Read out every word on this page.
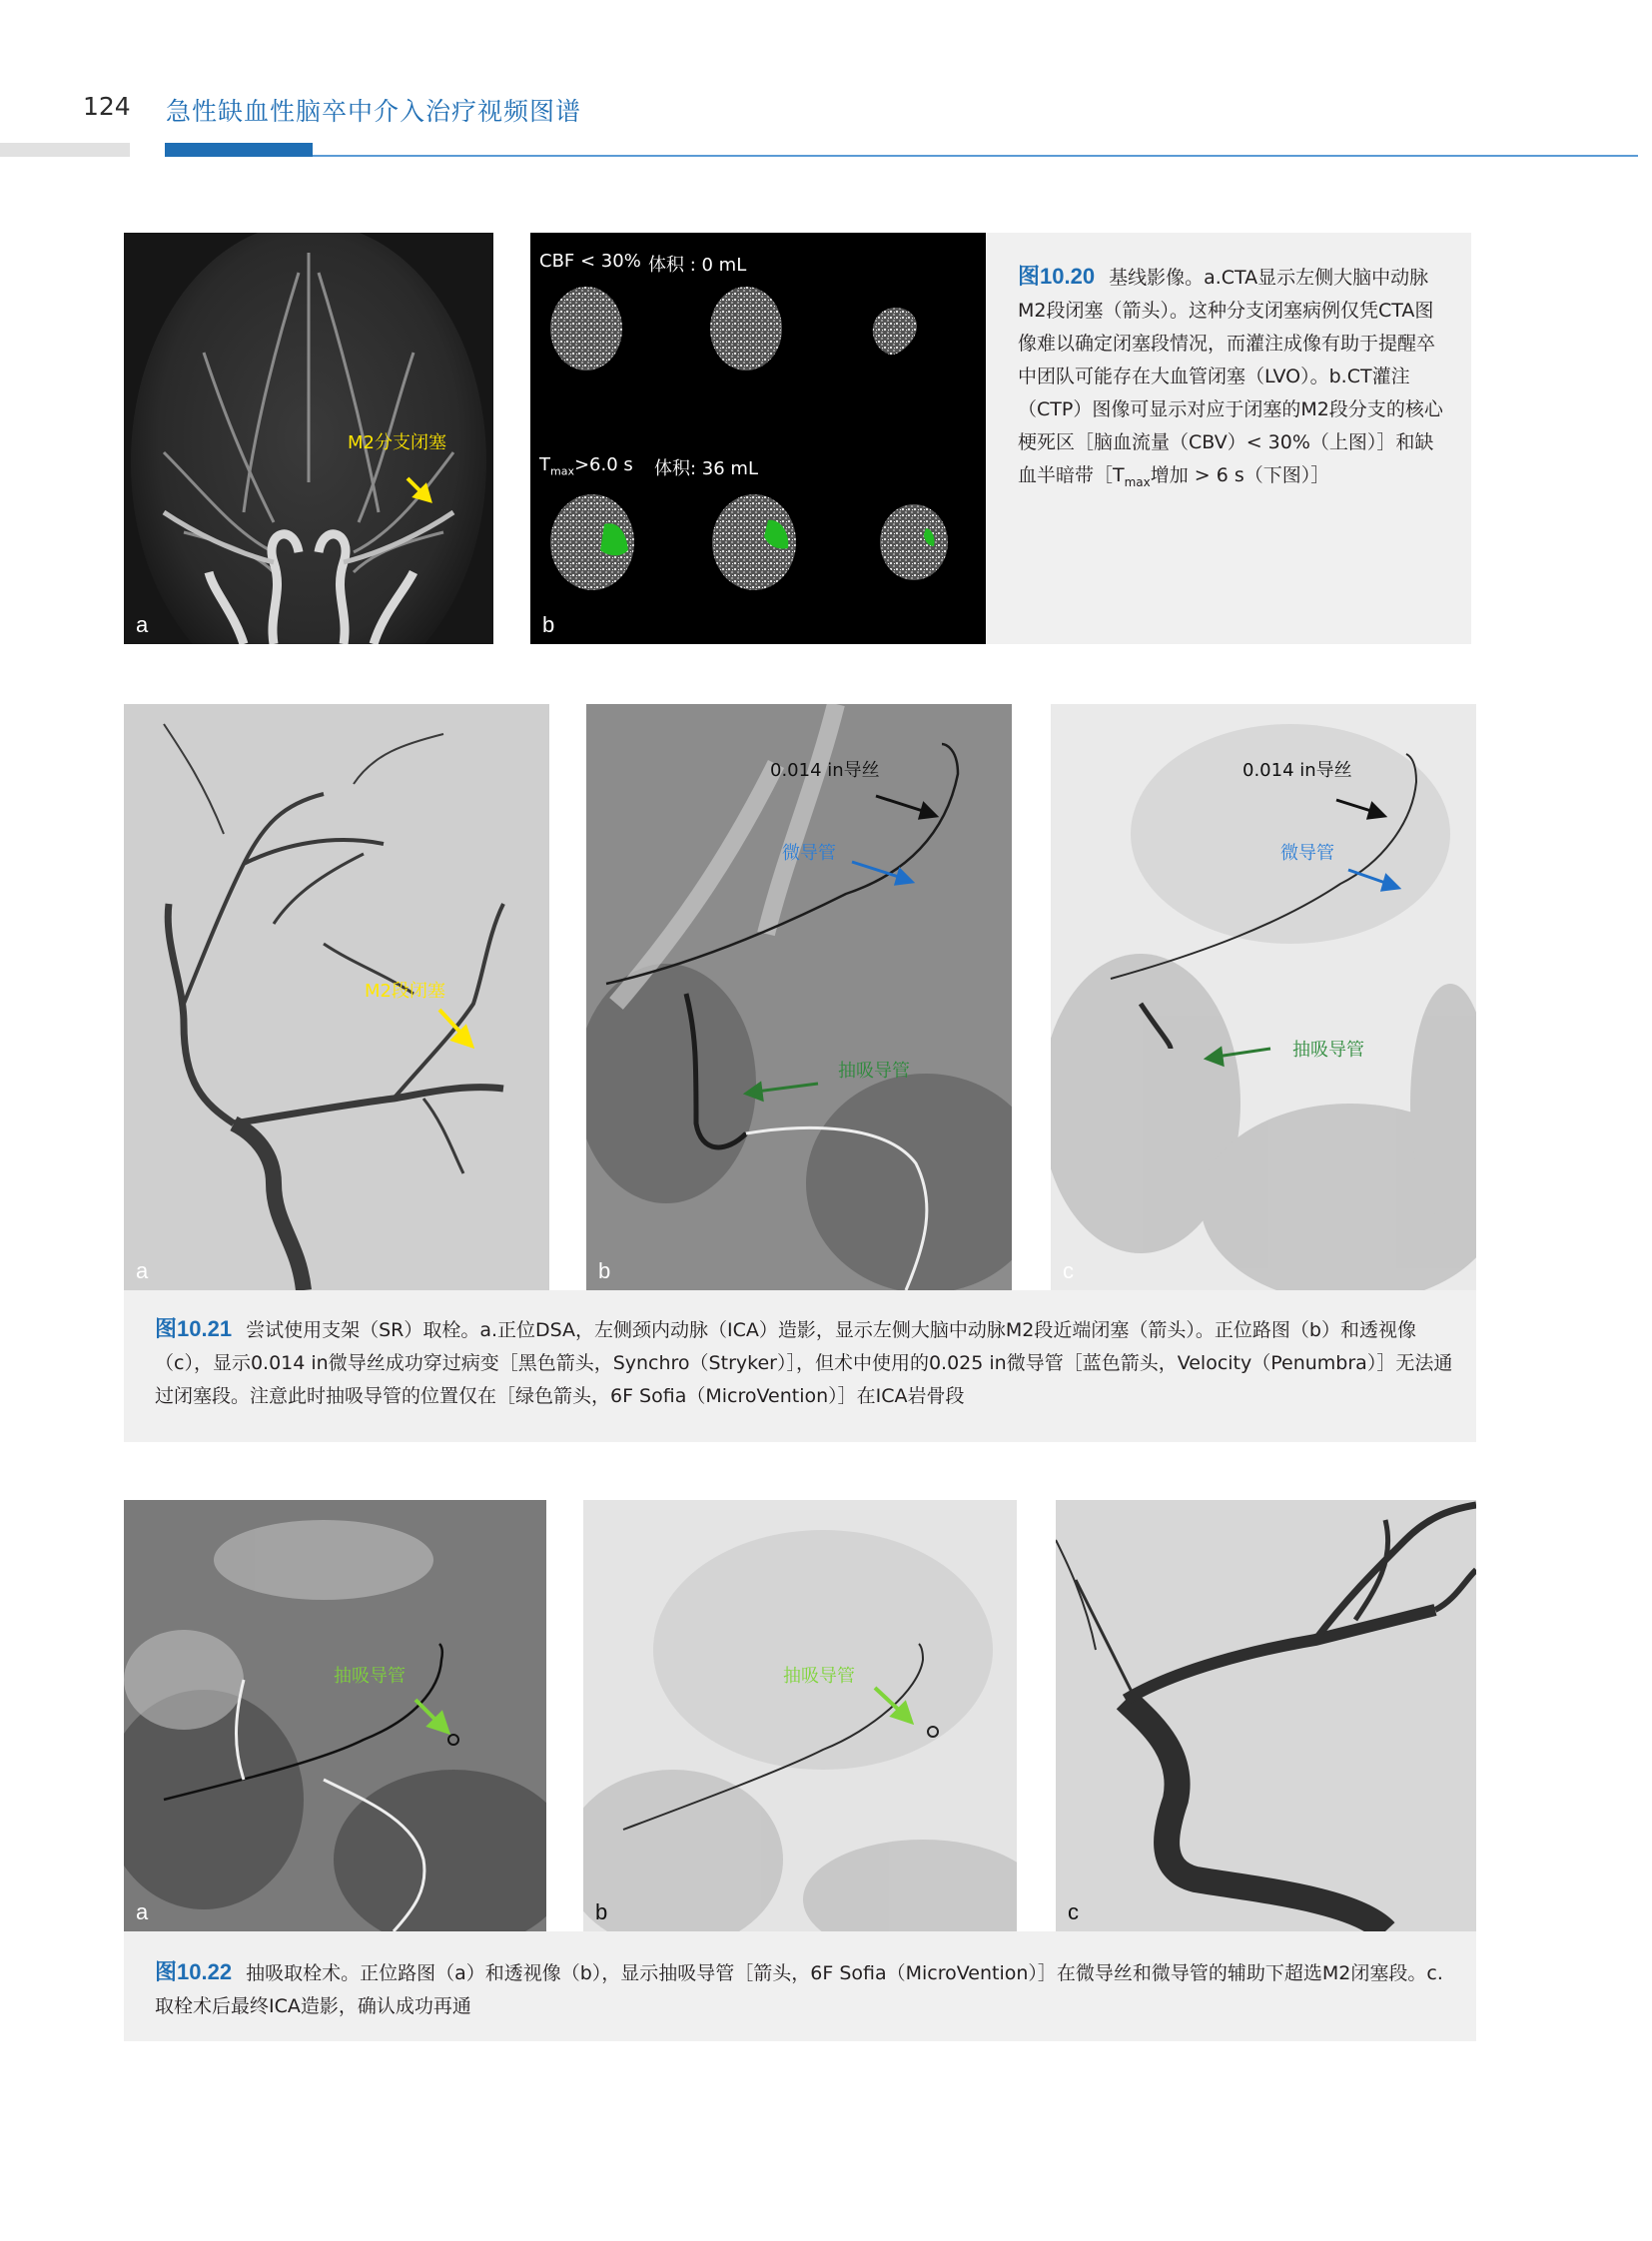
124 急性缺血性脑卒中介入治疗视频图谱
M2分支闭塞
a
CBF < 30% 体积 : 0 mL
$T_{max}>6.0$ s 体积: 36 mL
b
图10.20 基线影像。a.CTA显示左侧大脑中动脉M2段闭塞（箭头）。这种分支闭塞病例仅凭CTA图像难以确定闭塞段情况，而灌注成像有助于提醒卒中团队可能存在大血管闭塞（LVO）。b.CT灌注（CTP）图像可显示对应于闭塞的M2段分支的核心梗死区［脑血流量（CBV）< 30%（上图）］和缺血半暗带$[T_{max}$增加 > 6 s（下图）］
M2段闭塞
a
0.014 in导丝
微导管
抽吸导管
b
0.014 in导丝
微导管
抽吸导管
c
图10.21 尝试使用支架（SR）取栓。a.正位DSA，左侧颈内动脉（ICA）造影，显示左侧大脑中动脉M2段近端闭塞（箭头）。正位路图（b）和透视像（c），显示0.014 in微导丝成功穿过病变［黑色箭头，Synchro（Stryker）］，但术中使用的0.025 in微导管［蓝色箭头，Velocity（Penumbra）］无法通过闭塞段。注意此时抽吸导管的位置仅在［绿色箭头，6F Sofia（MicroVention）］在ICA岩骨段
抽吸导管
a
抽吸导管
b	c
图10.22 抽吸取栓术。正位路图（a）和透视像（b），显示抽吸导管［箭头，6F Sofia（MicroVention）］在微导丝和微导管的辅助下超选M2闭塞段。c.取栓术后最终ICA造影，确认成功再通
